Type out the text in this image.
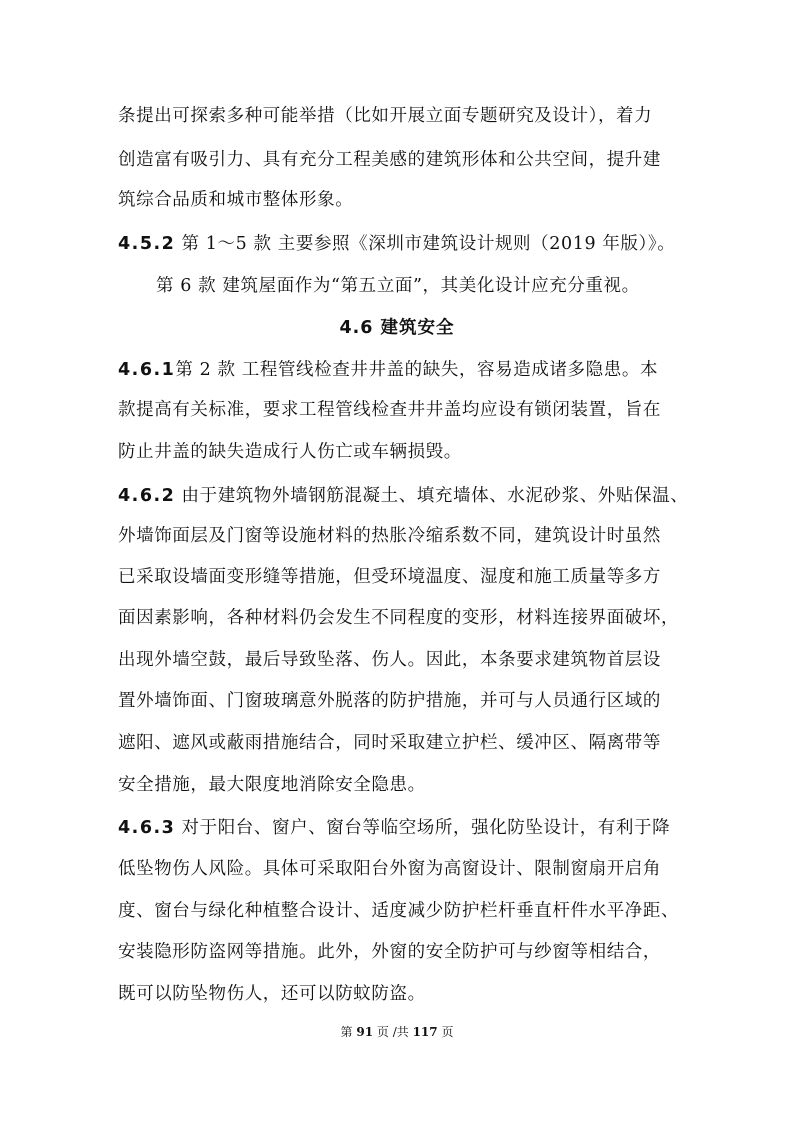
条提出可探索多种可能举措（比如开展立面专题研究及设计），着力
创造富有吸引力、具有充分工程美感的建筑形体和公共空间，提升建
筑综合品质和城市整体形象。
4.5.2 第 1～5 款 主要参照《深圳市建筑设计规则（2019 年版）》。
第 6 款 建筑屋面作为“第五立面”，其美化设计应充分重视。
4.6 建筑安全
4.6.1第 2 款 工程管线检查井井盖的缺失，容易造成诸多隐患。本
款提高有关标准，要求工程管线检查井井盖均应设有锁闭装置，旨在
防止井盖的缺失造成行人伤亡或车辆损毁。
4.6.2 由于建筑物外墙钢筋混凝土、填充墙体、水泥砂浆、外贴保温、
外墙饰面层及门窗等设施材料的热胀冷缩系数不同，建筑设计时虽然
已采取设墙面变形缝等措施，但受环境温度、湿度和施工质量等多方
面因素影响，各种材料仍会发生不同程度的变形，材料连接界面破坏，
出现外墙空鼓，最后导致坠落、伤人。因此，本条要求建筑物首层设
置外墙饰面、门窗玻璃意外脱落的防护措施，并可与人员通行区域的
遮阳、遮风或蔽雨措施结合，同时采取建立护栏、缓冲区、隔离带等
安全措施，最大限度地消除安全隐患。
4.6.3 对于阳台、窗户、窗台等临空场所，强化防坠设计，有利于降
低坠物伤人风险。具体可采取阳台外窗为高窗设计、限制窗扇开启角
度、窗台与绿化种植整合设计、适度减少防护栏杆垂直杆件水平净距、
安装隐形防盗网等措施。此外，外窗的安全防护可与纱窗等相结合，
既可以防坠物伤人，还可以防蚊防盗。
第 91 页 /共 117 页
